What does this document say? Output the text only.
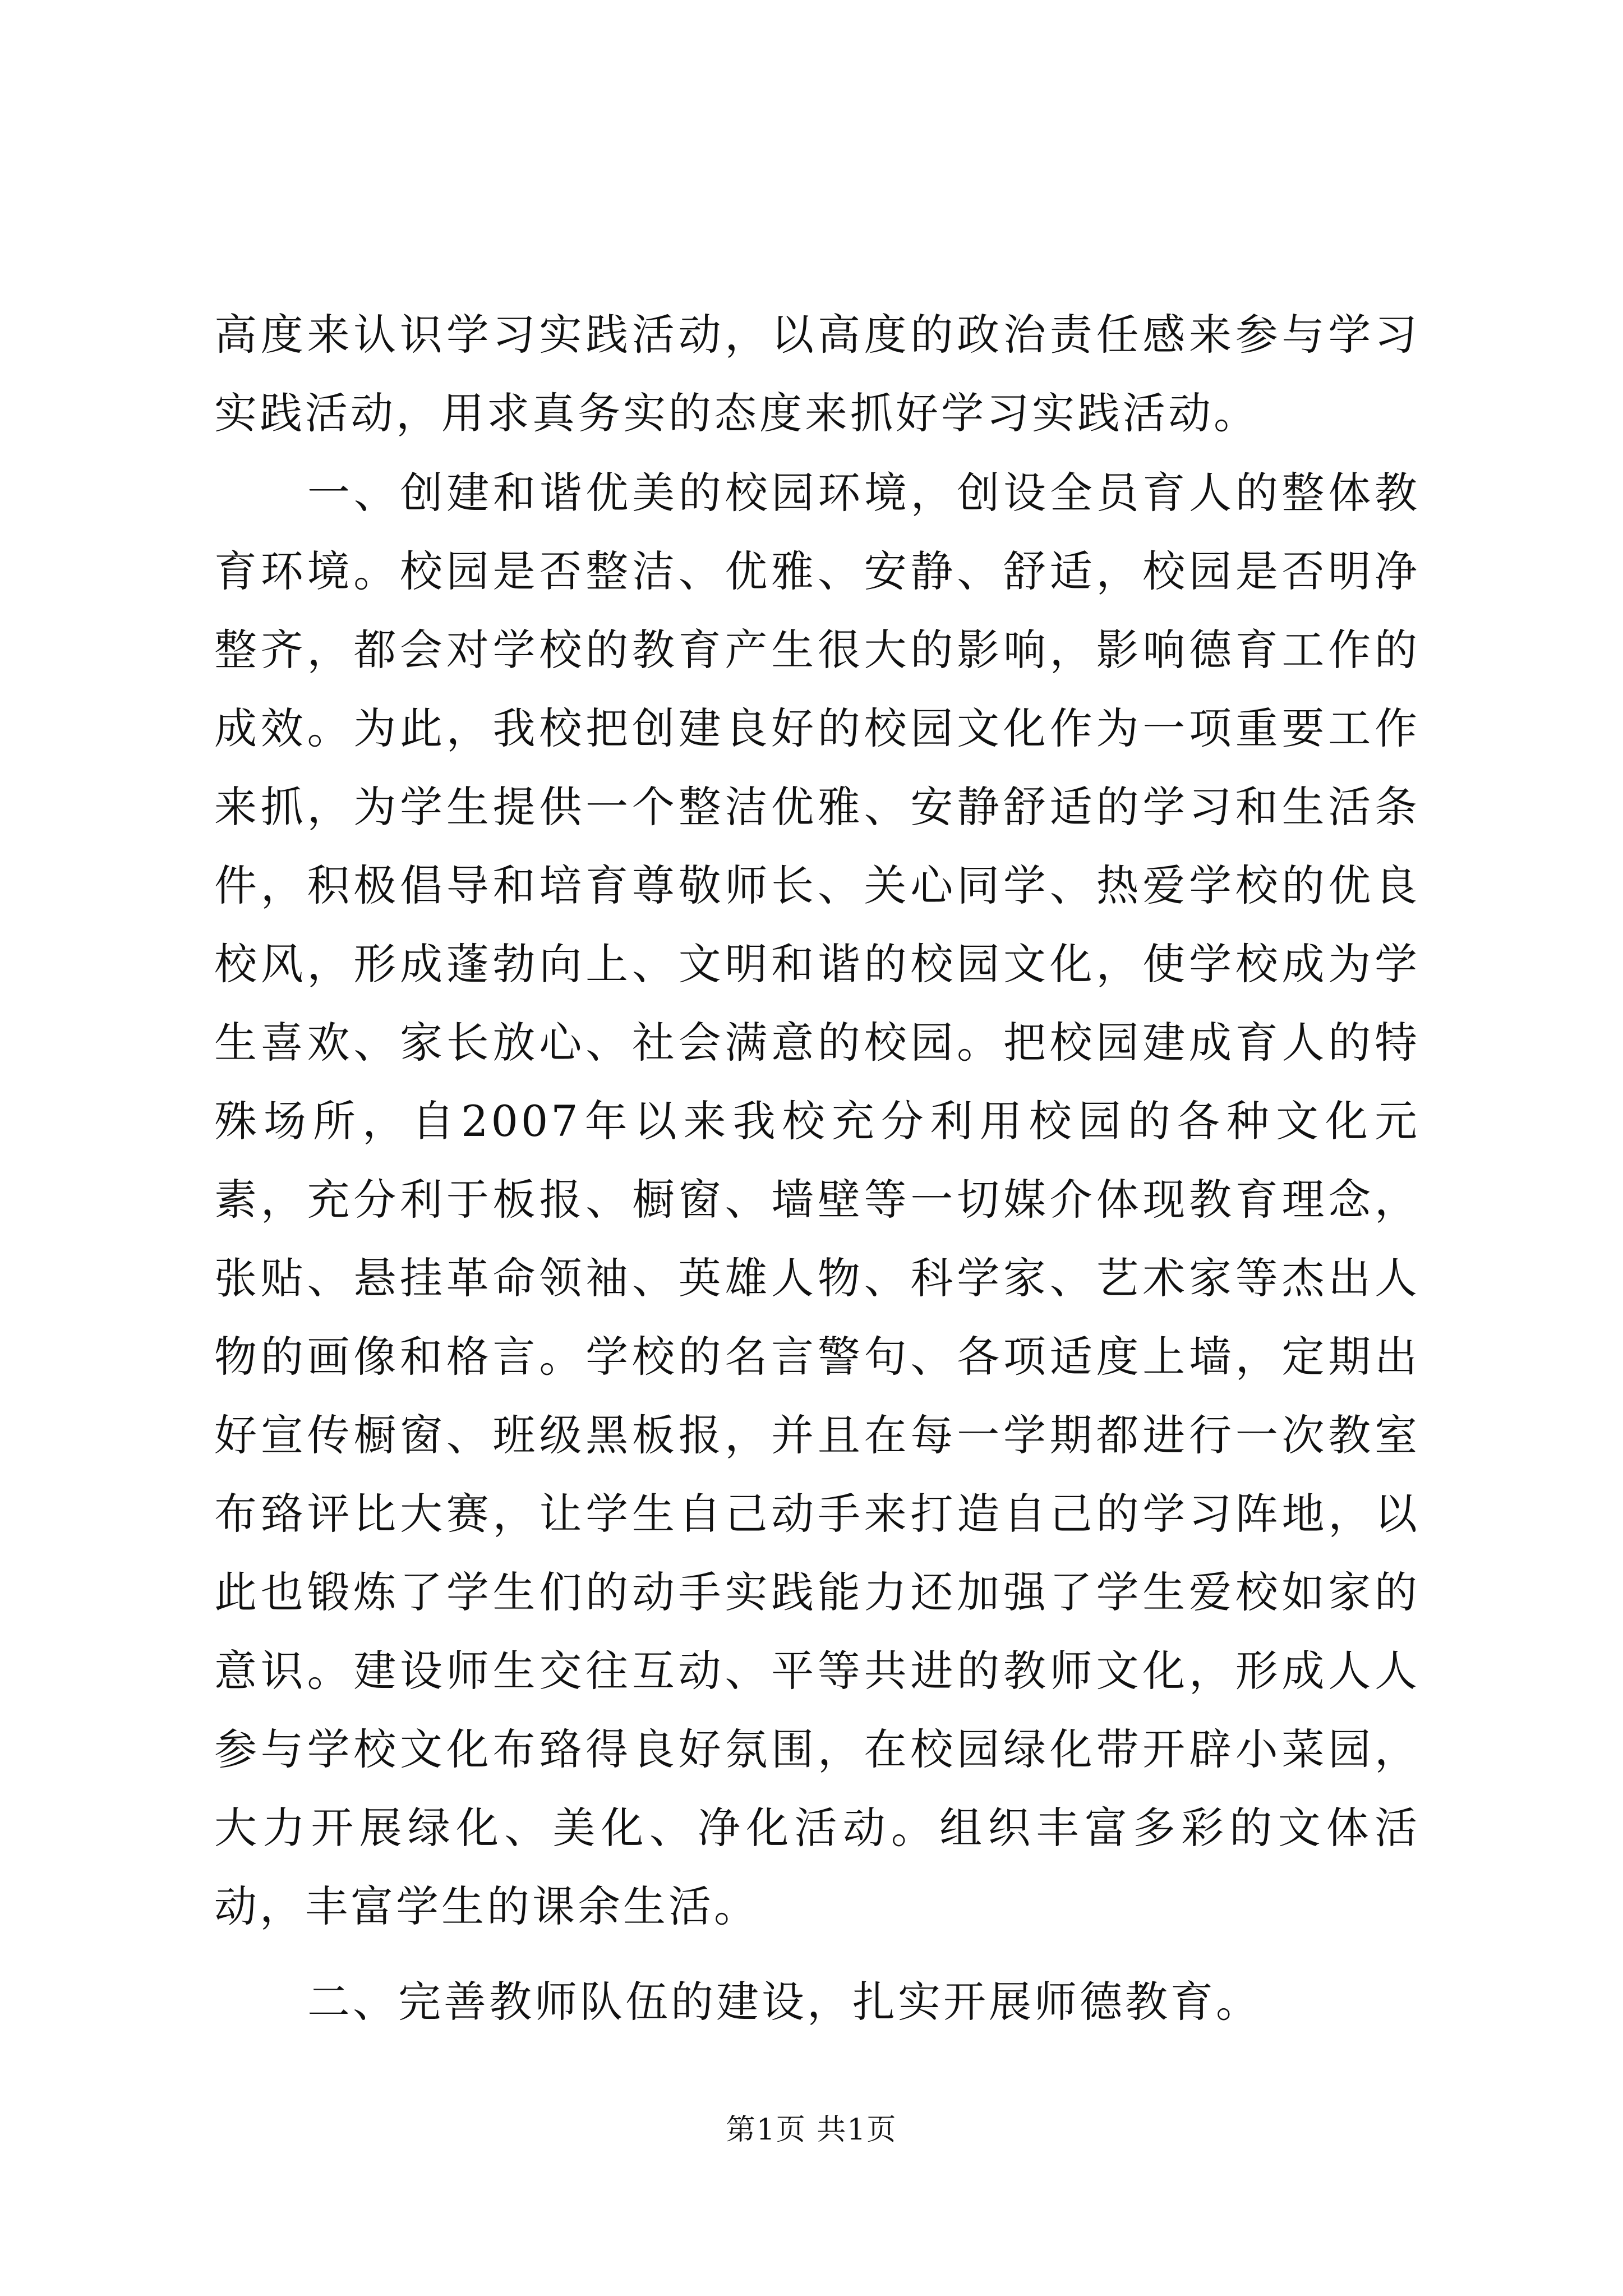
高度来认识学习实践活动，以高度的政治责任感来参与学习实践活动，用求真务实的态度来抓好学习实践活动。

一、创建和谐优美的校园环境，创设全员育人的整体教育环境。校园是否整洁、优雅、安静、舒适，校园是否明净整齐，都会对学校的教育产生很大的影响，影响德育工作的成效。为此，我校把创建良好的校园文化作为一项重要工作来抓，为学生提供一个整洁优雅、安静舒适的学习和生活条件，积极倡导和培育尊敬师长、关心同学、热爱学校的优良校风，形成蓬勃向上、文明和谐的校园文化，使学校成为学生喜欢、家长放心、社会满意的校园。把校园建成育人的特殊场所，自2007年以来我校充分利用校园的各种文化元素，充分利于板报、橱窗、墙壁等一切媒介体现教育理念，张贴、悬挂革命领袖、英雄人物、科学家、艺术家等杰出人物的画像和格言。学校的名言警句、各项适度上墙，定期出好宣传橱窗、班级黑板报，并且在每一学期都进行一次教室布臵评比大赛，让学生自己动手来打造自己的学习阵地，以此也锻炼了学生们的动手实践能力还加强了学生爱校如家的意识。建设师生交往互动、平等共进的教师文化，形成人人参与学校文化布臵得良好氛围，在校园绿化带开辟小菜园，大力开展绿化、美化、净化活动。组织丰富多彩的文体活动，丰富学生的课余生活。

二、完善教师队伍的建设，扎实开展师德教育。

第1页 共1页
